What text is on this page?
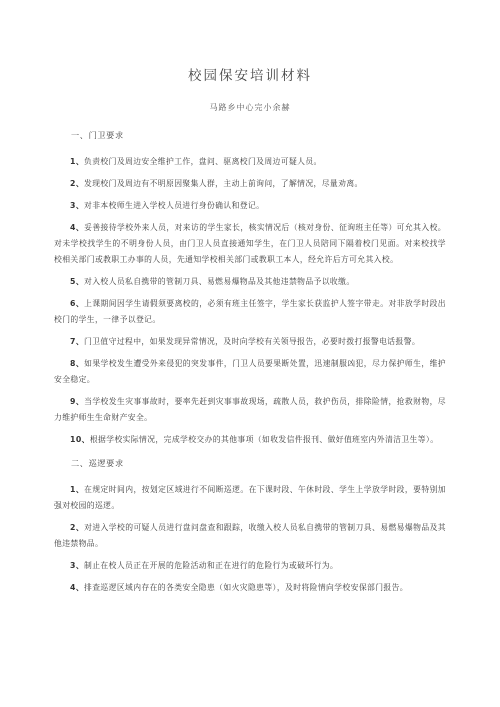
校园保安培训材料
马路乡中心完小余赫
一、门卫要求

1、负责校门及周边安全维护工作，盘问、驱离校门及周边可疑人员。

2、发现校门及周边有不明原因聚集人群，主动上前询问，了解情况，尽量劝离。

3、对非本校师生进入学校人员进行身份确认和登记。

4、妥善接待学校外来人员，对来访的学生家长，核实情况后（核对身份、征询班主任等）可允其入校。对未学校找学生的不明身份人员，由门卫人员直接通知学生，在门卫人员陪同下隔着校门见面。对来校找学校相关部门或教职工办事的人员，先通知学校相关部门或教职工本人，经允许后方可允其入校。

5、对入校人员私自携带的管制刀具、易燃易爆物品及其他违禁物品予以收缴。

6、上课期间因学生请假须要离校的，必须有班主任签字，学生家长获监护人签字带走。对非放学时段出校门的学生，一律予以登记。

7、门卫值守过程中，如果发现异常情况，及时向学校有关领导报告，必要时拨打报警电话报警。

8、如果学校发生遭受外来侵犯的突发事件，门卫人员要果断处置，迅速制服凶犯，尽力保护师生，维护安全稳定。

9、当学校发生灾事事故时，要率先赶到灾事事故现场，疏散人员，救护伤员，排除险情，抢救财物，尽力维护师生生命财产安全。

10、根据学校实际情况，完成学校交办的其他事项（如收发信件报刊、做好值班室内外清洁卫生等）。

二、巡逻要求

1、在规定时间内，按划定区域进行不间断巡逻。在下课时段、午休时段、学生上学放学时段，要特别加强对校园的巡逻。

2、对进入学校的可疑人员进行盘问盘查和跟踪，收缴入校人员私自携带的管制刀具、易燃易爆物品及其他违禁物品。

3、制止在校人员正在开展的危险活动和正在进行的危险行为或破坏行为。

4、排查巡逻区域内存在的各类安全隐患（如火灾隐患等），及时将险情向学校安保部门报告。
